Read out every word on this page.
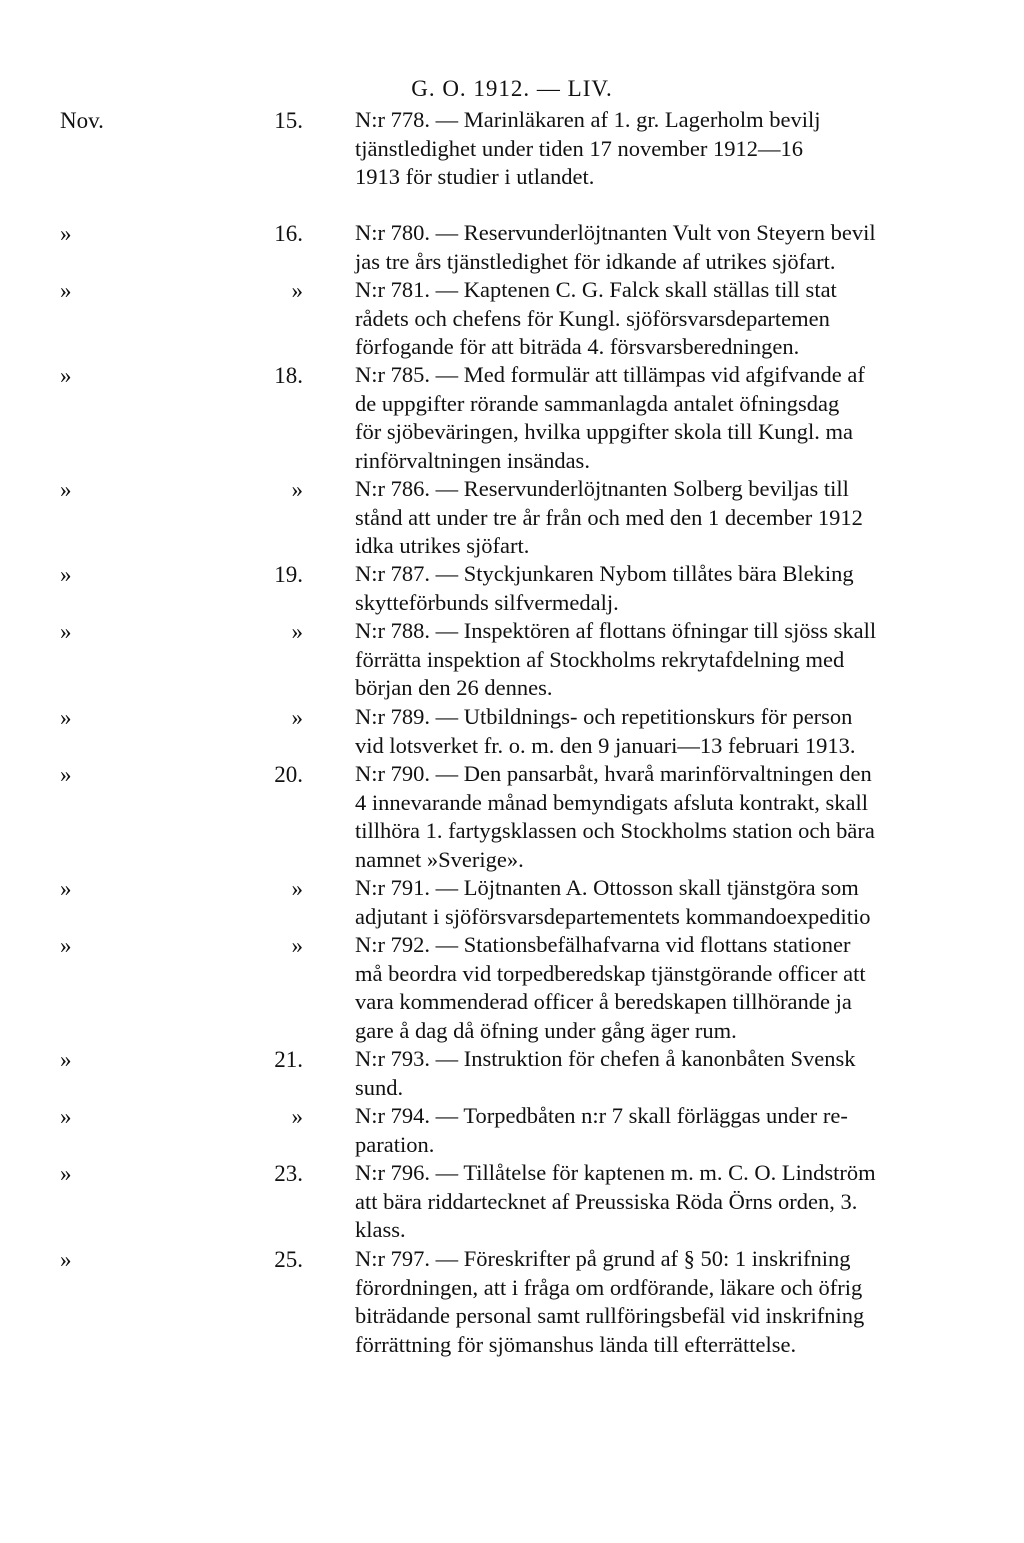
G. O. 1912. — LIV.
Nov.	15. N:r 778. — Marinläkaren af 1. gr. Lagerholm bevilj
tjänstledighet under tiden 17 november 1912—16
1913 för studier i utlandet.
»	16. N:r 780. — Reservunderlöjtnanten Vult von Steyern bevil
jas tre års tjänstledighet för idkande af utrikes sjöfart.
»	» N:r 781. — Kaptenen C. G. Falck skall ställas till stat
rådets och chefens för Kungl. sjöförsvarsdepartemen
förfogande för att biträda 4. försvarsberedningen.
»	18. N:r 785. — Med formulär att tillämpas vid afgifvande af
de uppgifter rörande sammanlagda antalet öfningsdag
för sjöbeväringen, hvilka uppgifter skola till Kungl. ma
rinförvaltningen insändas.
»	» N:r 786. — Reservunderlöjtnanten Solberg beviljas till
stånd att under tre år från och med den 1 december 1912
idka utrikes sjöfart.
»	19. N:r 787. — Styckjunkaren Nybom tillåtes bära Bleking
skytteförbunds silfvermedalj.
»	» N:r 788. — Inspektören af flottans öfningar till sjöss skall
förrätta inspektion af Stockholms rekrytafdelning med
början den 26 dennes.
»	» N:r 789. — Utbildnings- och repetitionskurs för person
vid lotsverket fr. o. m. den 9 januari—13 februari 1913.
»	20. N:r 790. — Den pansarbåt, hvarå marinförvaltningen den
4 innevarande månad bemyndigats afsluta kontrakt, skall
tillhöra 1. fartygsklassen och Stockholms station och bära
namnet »Sverige».
»	» N:r 791. — Löjtnanten A. Ottosson skall tjänstgöra som
adjutant i sjöförsvarsdepartementets kommandoexpeditio
»	» N:r 792. — Stationsbefälhafvarna vid flottans stationer
må beordra vid torpedberedskap tjänstgörande officer att
vara kommenderad officer å beredskapen tillhörande ja
gare å dag då öfning under gång äger rum.
»	21. N:r 793. — Instruktion för chefen å kanonbåten Svensk
sund.
»	» N:r 794. — Torpedbåten n:r 7 skall förläggas under re-
paration.
»	23. N:r 796. — Tillåtelse för kaptenen m. m. C. O. Lindström
att bära riddartecknet af Preussiska Röda Örns orden, 3.
klass.
»	25. N:r 797. — Föreskrifter på grund af § 50: 1 inskrifning
förordningen, att i fråga om ordförande, läkare och öfrig
biträdande personal samt rullföringsbefäl vid inskrifning
förrättning för sjömanshus lända till efterrättelse.
